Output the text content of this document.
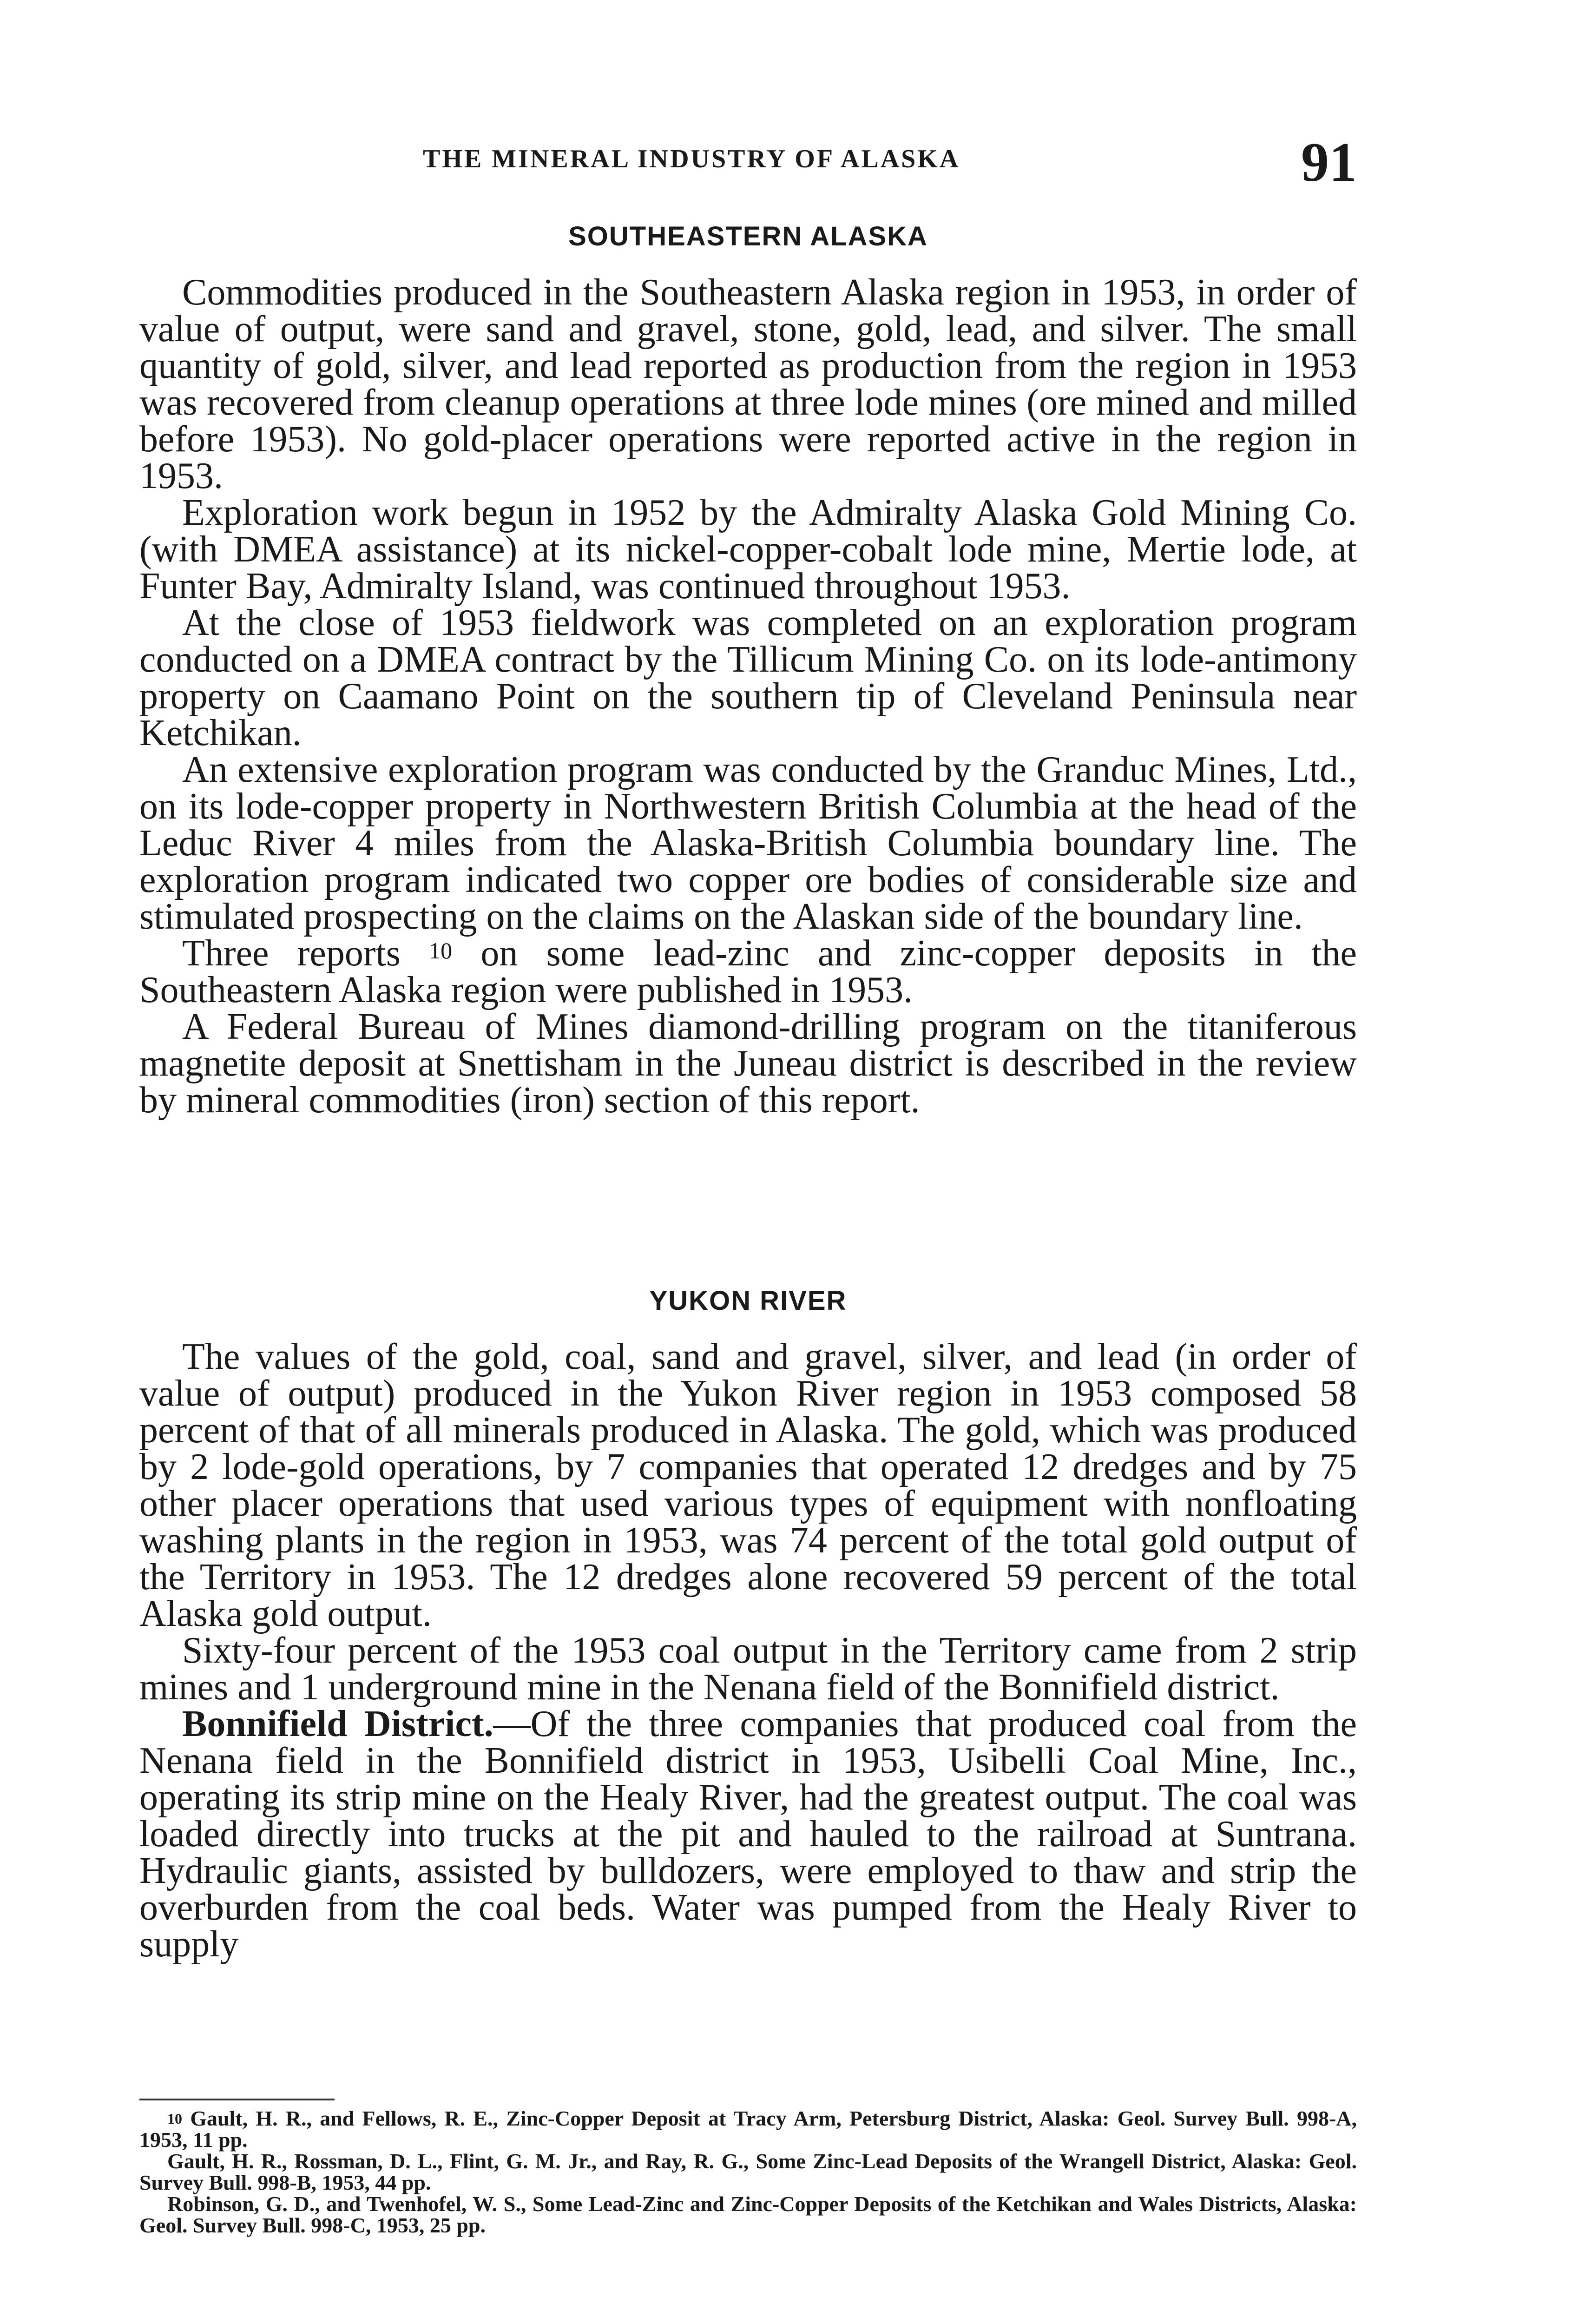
THE MINERAL INDUSTRY OF ALASKA	91
SOUTHEASTERN ALASKA

Commodities produced in the Southeastern Alaska region in 1953, in order of value of output, were sand and gravel, stone, gold, lead, and silver. The small quantity of gold, silver, and lead reported as production from the region in 1953 was recovered from cleanup operations at three lode mines (ore mined and milled before 1953). No gold-placer operations were reported active in the region in 1953.

Exploration work begun in 1952 by the Admiralty Alaska Gold Mining Co. (with DMEA assistance) at its nickel-copper-cobalt lode mine, Mertie lode, at Funter Bay, Admiralty Island, was continued throughout 1953.

At the close of 1953 fieldwork was completed on an exploration program conducted on a DMEA contract by the Tillicum Mining Co. on its lode-antimony property on Caamano Point on the southern tip of Cleveland Peninsula near Ketchikan.

An extensive exploration program was conducted by the Granduc Mines, Ltd., on its lode-copper property in Northwestern British Columbia at the head of the Leduc River 4 miles from the Alaska-British Columbia boundary line. The exploration program indicated two copper ore bodies of considerable size and stimulated prospecting on the claims on the Alaskan side of the boundary line.

Three reports $^{10}$ on some lead-zinc and zinc-copper deposits in the Southeastern Alaska region were published in 1953.

A Federal Bureau of Mines diamond-drilling program on the titaniferous magnetite deposit at Snettisham in the Juneau district is described in the review by mineral commodities (iron) section of this report.

YUKON RIVER

The values of the gold, coal, sand and gravel, silver, and lead (in order of value of output) produced in the Yukon River region in 1953 composed 58 percent of that of all minerals produced in Alaska. The gold, which was produced by 2 lode-gold operations, by 7 companies that operated 12 dredges and by 75 other placer operations that used various types of equipment with nonfloating washing plants in the region in 1953, was 74 percent of the total gold output of the Territory in 1953. The 12 dredges alone recovered 59 percent of the total Alaska gold output.

Sixty-four percent of the 1953 coal output in the Territory came from 2 strip mines and 1 underground mine in the Nenana field of the Bonnifield district.

Bonnifield District.—Of the three companies that produced coal from the Nenana field in the Bonnifield district in 1953, Usibelli Coal Mine, Inc., operating its strip mine on the Healy River, had the greatest output. The coal was loaded directly into trucks at the pit and hauled to the railroad at Suntrana. Hydraulic giants, assisted by bulldozers, were employed to thaw and strip the overburden from the coal beds. Water was pumped from the Healy River to supply

$^{10}$ Gault, H. R., and Fellows, R. E., Zinc-Copper Deposit at Tracy Arm, Petersburg District, Alaska: Geol. Survey Bull. 998-A, 1953, 11 pp.

Gault, H. R., Rossman, D. L., Flint, G. M. Jr., and Ray, R. G., Some Zinc-Lead Deposits of the Wrangell District, Alaska: Geol. Survey Bull. 998-B, 1953, 44 pp.

Robinson, G. D., and Twenhofel, W. S., Some Lead-Zinc and Zinc-Copper Deposits of the Ketchikan and Wales Districts, Alaska: Geol. Survey Bull. 998-C, 1953, 25 pp.
